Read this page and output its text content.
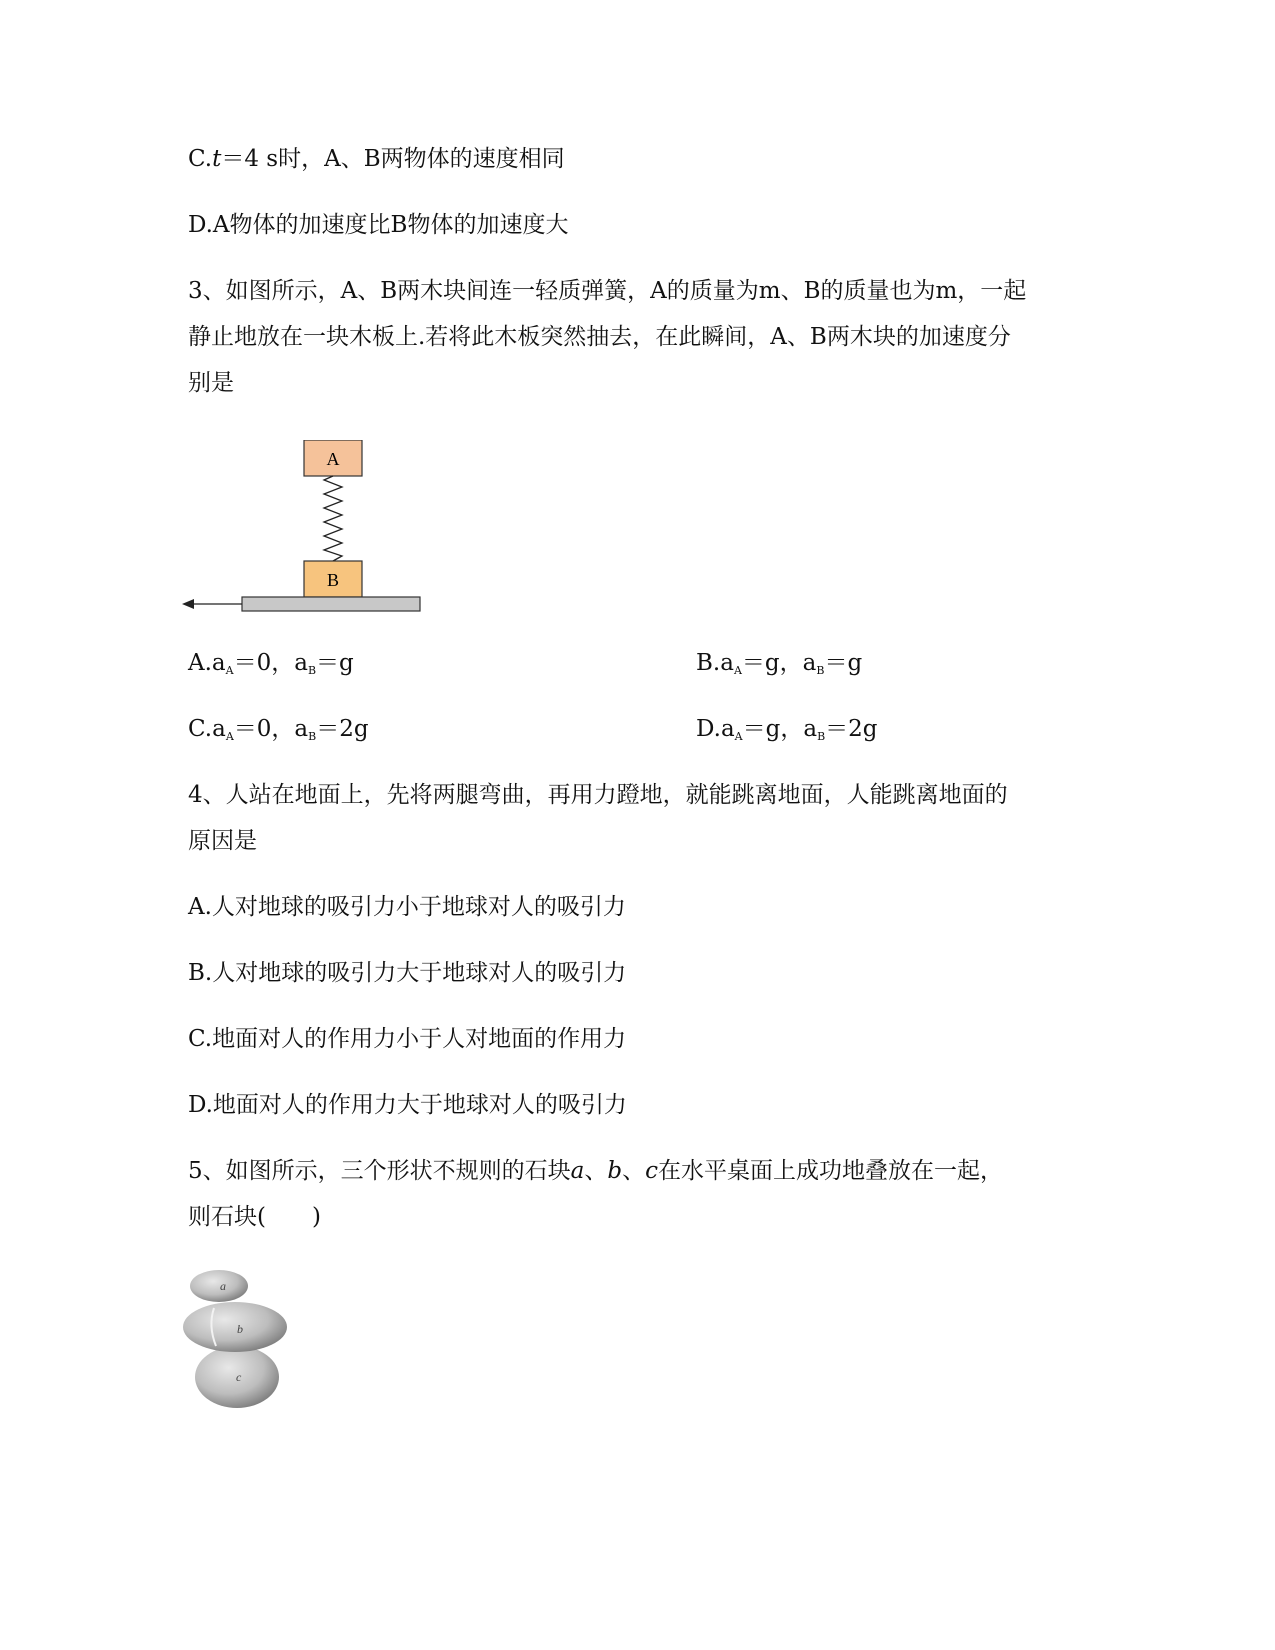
C.t＝4 s时，A、B两物体的速度相同
D.A物体的加速度比B物体的加速度大
3、如图所示，A、B两木块间连一轻质弹簧，A的质量为m、B的质量也为m，一起
静止地放在一块木板上.若将此木板突然抽去，在此瞬间，A、B两木块的加速度分
别是
A
B
$A.a_A=0$，$a_B=g$	$B.a_A=g$，$a_B=g$
$C.a_A=0$，$a_B=2g$	$D.a_A=g$，$a_B=2g$
4、人站在地面上，先将两腿弯曲，再用力蹬地，就能跳离地面，人能跳离地面的
原因是
A.人对地球的吸引力小于地球对人的吸引力
B.人对地球的吸引力大于地球对人的吸引力
C.地面对人的作用力小于人对地面的作用力
D.地面对人的作用力大于地球对人的吸引力
5、如图所示，三个形状不规则的石块a、b、c在水平桌面上成功地叠放在一起，
则石块(　　)
a
b
c
